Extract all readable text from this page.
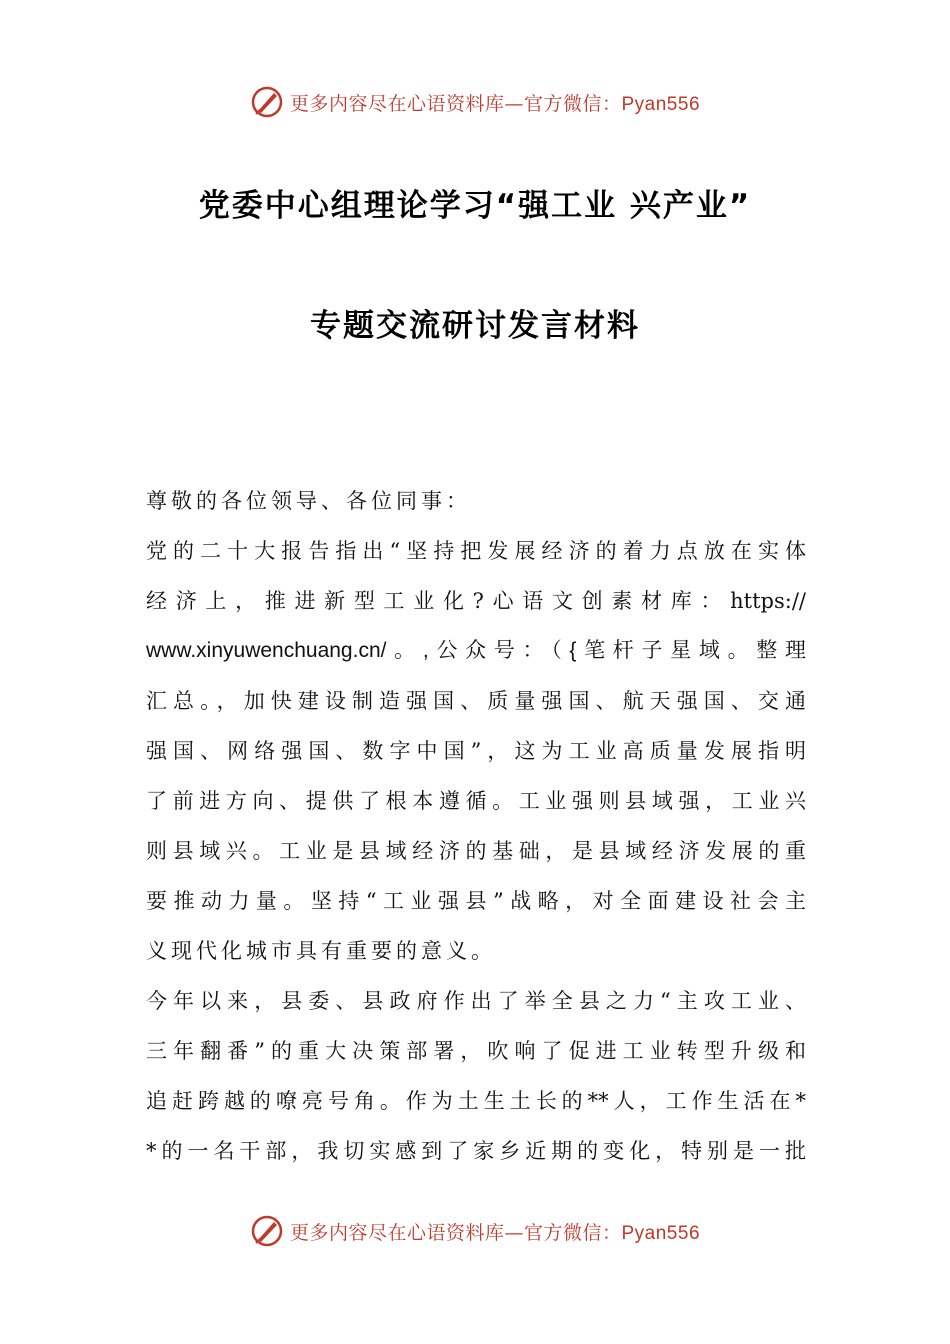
更多内容尽在心语资料库—官方微信：Pyan556
党委中心组理论学习“强工业 兴产业”
专题交流研讨发言材料
尊敬的各位领导、各位同事：
党的二十大报告指出“坚持把发展经济的着力点放在实体
经济上，推进新型工业化?心语文创素材库：https://
www.xinyuwenchuang.cn/。,公众号：（{笔杆子星域。整理
汇总。，加快建设制造强国、质量强国、航天强国、交通
强国、网络强国、数字中国”，这为工业高质量发展指明
了前进方向、提供了根本遵循。工业强则县域强，工业兴
则县域兴。工业是县域经济的基础，是县域经济发展的重
要推动力量。坚持“工业强县”战略，对全面建设社会主
义现代化城市具有重要的意义。
今年以来，县委、县政府作出了举全县之力“主攻工业、
三年翻番”的重大决策部署，吹响了促进工业转型升级和
追赶跨越的嘹亮号角。作为土生土长的**人，工作生活在*
*的一名干部，我切实感到了家乡近期的变化，特别是一批
更多内容尽在心语资料库—官方微信：Pyan556
